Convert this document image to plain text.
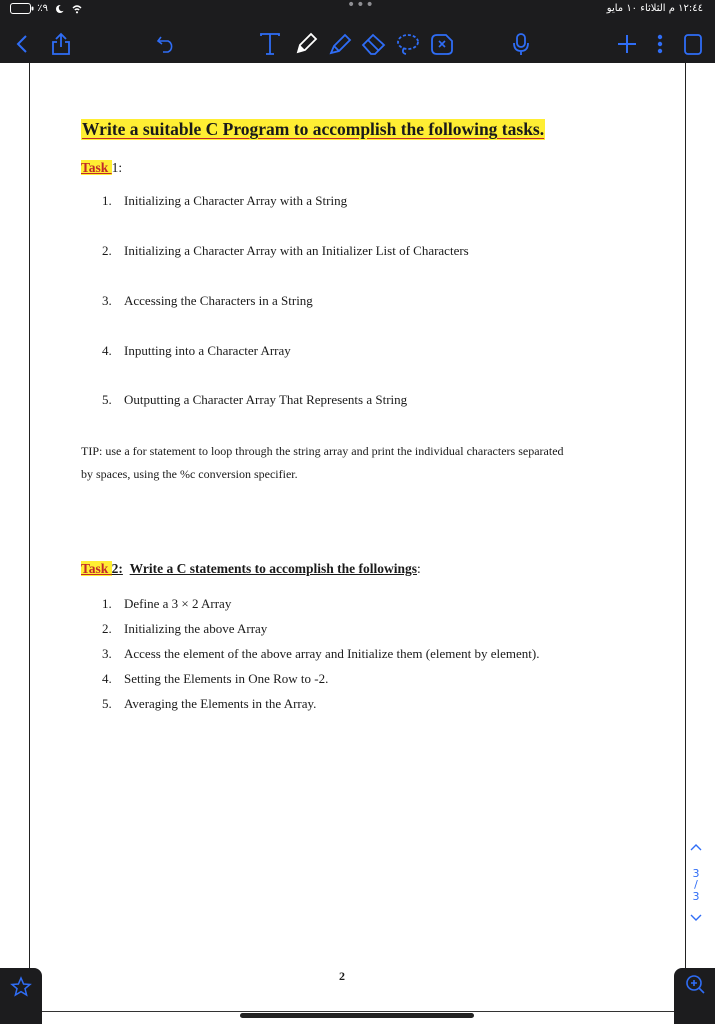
٪٩	•••	١٢:٤٤ م الثلاثاء ١٠ مايو
Write a suitable C Program to accomplish the following tasks.
Task 1:
1. Initializing a Character Array with a String
2. Initializing a Character Array with an Initializer List of Characters
3. Accessing the Characters in a String
4. Inputting into a Character Array
5. Outputting a Character Array That Represents a String
TIP: use a for statement to loop through the string array and print the individual characters separated
by spaces, using the %c conversion specifier.
Task 2: Write a C statements to accomplish the followings:
1. Define a 3 × 2 Array
2. Initializing the above Array
3. Access the element of the above array and Initialize them (element by element).
4. Setting the Elements in One Row to -2.
5. Averaging the Elements in the Array.
2
3
/
3
